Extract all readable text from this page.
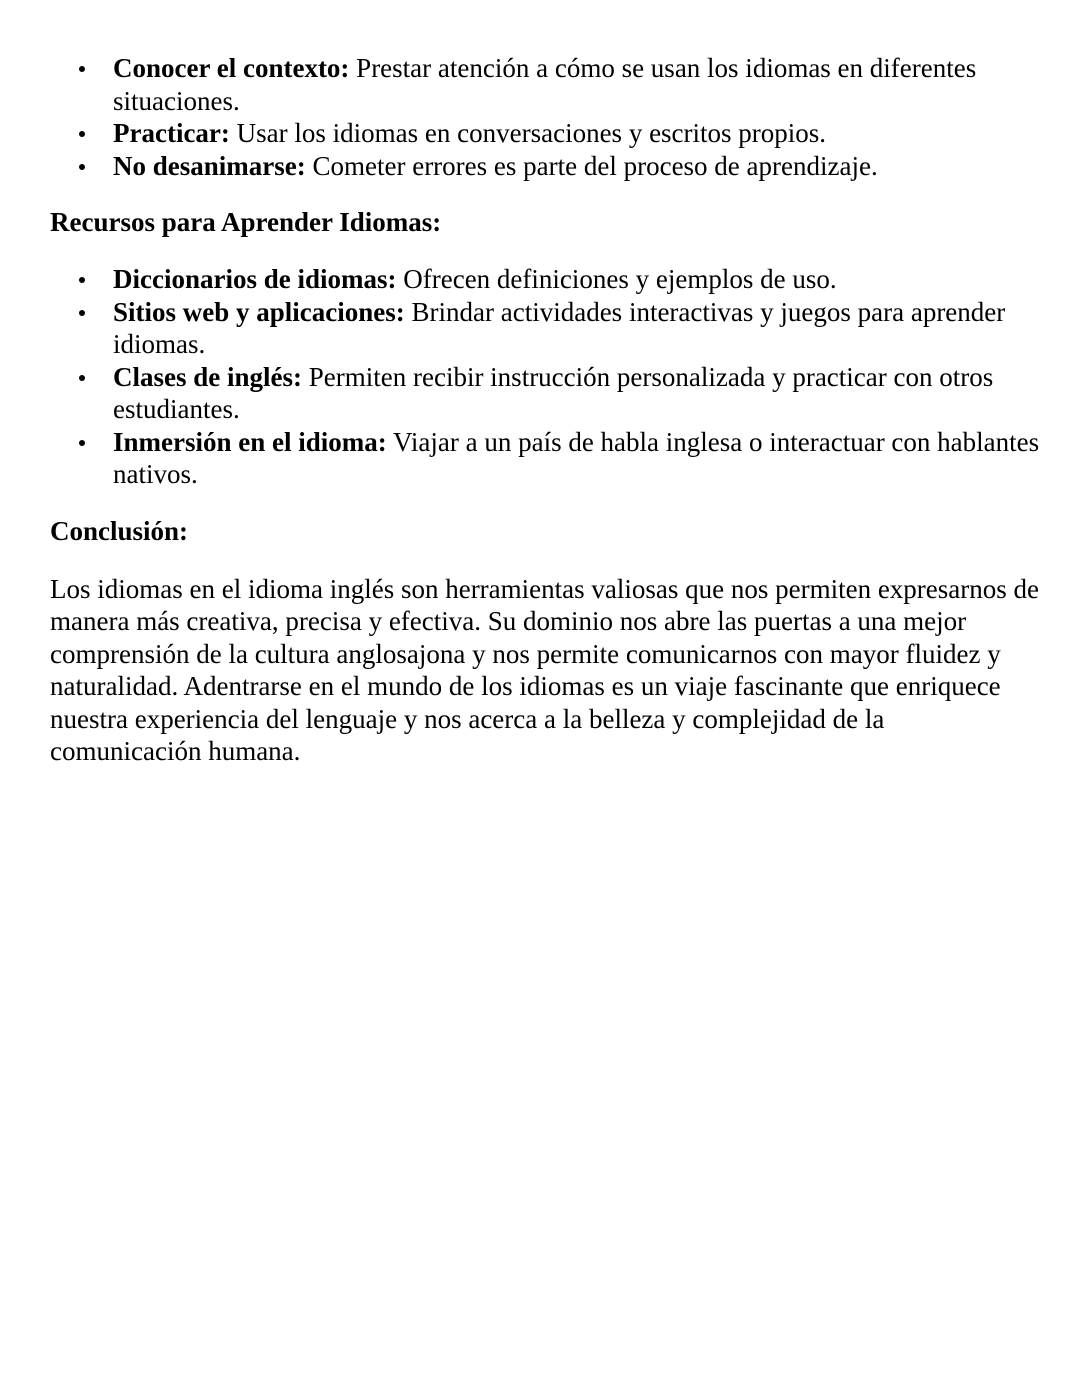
Conocer el contexto: Prestar atención a cómo se usan los idiomas en diferentes situaciones.
Practicar: Usar los idiomas en conversaciones y escritos propios.
No desanimarse: Cometer errores es parte del proceso de aprendizaje.

Recursos para Aprender Idiomas:

Diccionarios de idiomas: Ofrecen definiciones y ejemplos de uso.
Sitios web y aplicaciones: Brindar actividades interactivas y juegos para aprender idiomas.
Clases de inglés: Permiten recibir instrucción personalizada y practicar con otros estudiantes.
Inmersión en el idioma: Viajar a un país de habla inglesa o interactuar con hablantes nativos.

Conclusión:

Los idiomas en el idioma inglés son herramientas valiosas que nos permiten expresarnos de manera más creativa, precisa y efectiva. Su dominio nos abre las puertas a una mejor comprensión de la cultura anglosajona y nos permite comunicarnos con mayor fluidez y naturalidad. Adentrarse en el mundo de los idiomas es un viaje fascinante que enriquece nuestra experiencia del lenguaje y nos acerca a la belleza y complejidad de la comunicación humana.
